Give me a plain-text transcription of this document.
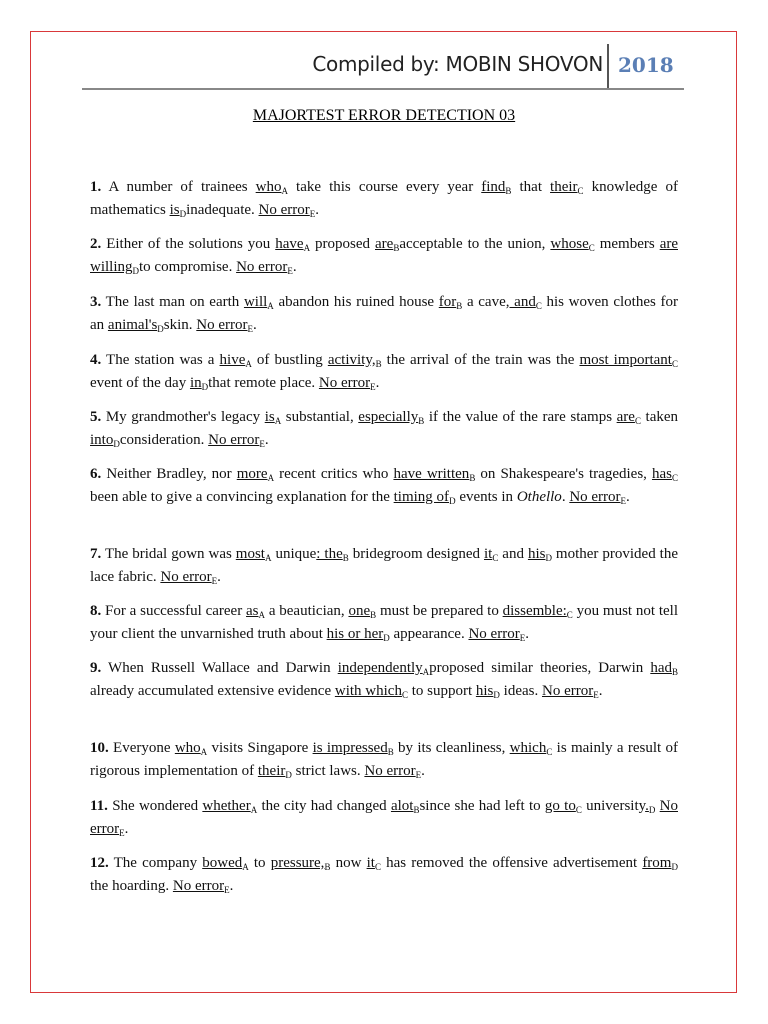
Compiled by: MOBIN SHOVON 2018
MAJORTEST ERROR DETECTION 03
1. A number of trainees who$_A$ take this course every year find$_B$ that their$_C$ knowledge of mathematics $is_Dinadequate$. No error$_E$.
2. Either of the solutions you have$_A$ proposed are$_B$acceptable to the union, whose$_C$ members are willing$_D$to compromise. No error$_E$.
3. The last man on earth will$_A$ abandon his ruined house for$_B$ a cave, and$_C$ his woven clothes for an $animal's_Dskin$. No error$_E$.
4. The station was a hive$_A$ of bustling $activity,_B$ the arrival of the train was the most important$_C$ event of the day $in_Dthat$ remote place. No error$_E$.
5. My grandmother's legacy $is_A$ substantial, especially$_B$ if the value of the rare stamps are$_C$ taken into$_D$consideration. No error$_E$.
6. Neither Bradley, nor more$_A$ recent critics who have written$_B$ on Shakespeare's tragedies, has$_C$ been able to give a convincing explanation for the timing $of_D$ events in Othello. No error$_E$.
7. The bridal gown was most$_A$ unique: the$_B$ bridegroom designed $it_C$ and his$_D$ mother provided the lace fabric. No error$_E$.
8. For a successful career $as_A$ a beautician, one$_B$ must be prepared to $dissemble:_C$ you must not tell your client the unvarnished truth about his or her$_D$ appearance. No error$_E$.
9. When Russell Wallace and Darwin independently$_A$proposed similar theories, Darwin had$_B$ already accumulated extensive evidence with which$_C$ to support his$_D$ ideas. No error$_E$.
10. Everyone who$_A$ visits Singapore is impressed$_B$ by its cleanliness, which$_C$ is mainly a result of rigorous implementation of their$_D$ strict laws. No error$_E$.
11. She wondered whether$_A$ the city had changed alot$_B$since she had left to go $to_C$ $university._D$ No error$_E$.
12. The company bowed$_A$ to $pressure,_B$ now $it_C$ has removed the offensive advertisement from$_D$ the hoarding. No error$_E$.
